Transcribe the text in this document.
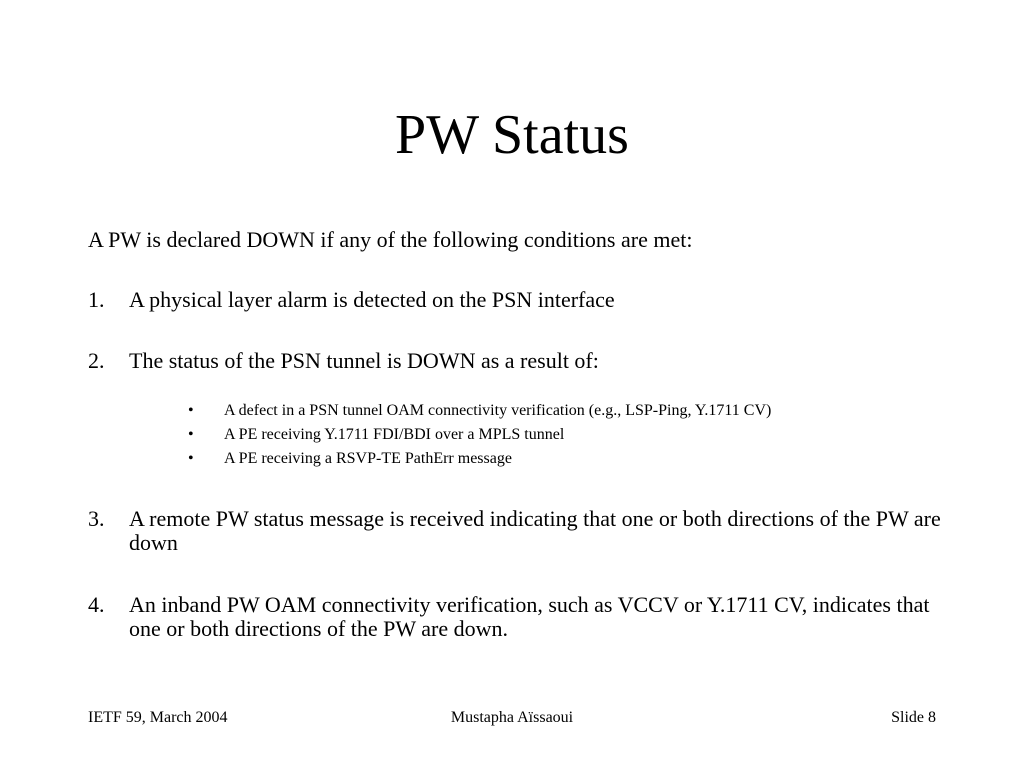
PW Status
A PW is declared DOWN if any of the following conditions are met:
1. A physical layer alarm is detected on the PSN interface
2. The status of the PSN tunnel is DOWN as a result of:
• A defect in a PSN tunnel OAM connectivity verification (e.g., LSP-Ping, Y.1711 CV)
• A PE receiving Y.1711 FDI/BDI over a MPLS tunnel
• A PE receiving a RSVP-TE PathErr message
3. A remote PW status message is received indicating that one or both directions of the PW are down
4. An inband PW OAM connectivity verification, such as VCCV or Y.1711 CV, indicates that one or both directions of the PW are down.
IETF 59, March 2004	Mustapha Aïssaoui	Slide 8
